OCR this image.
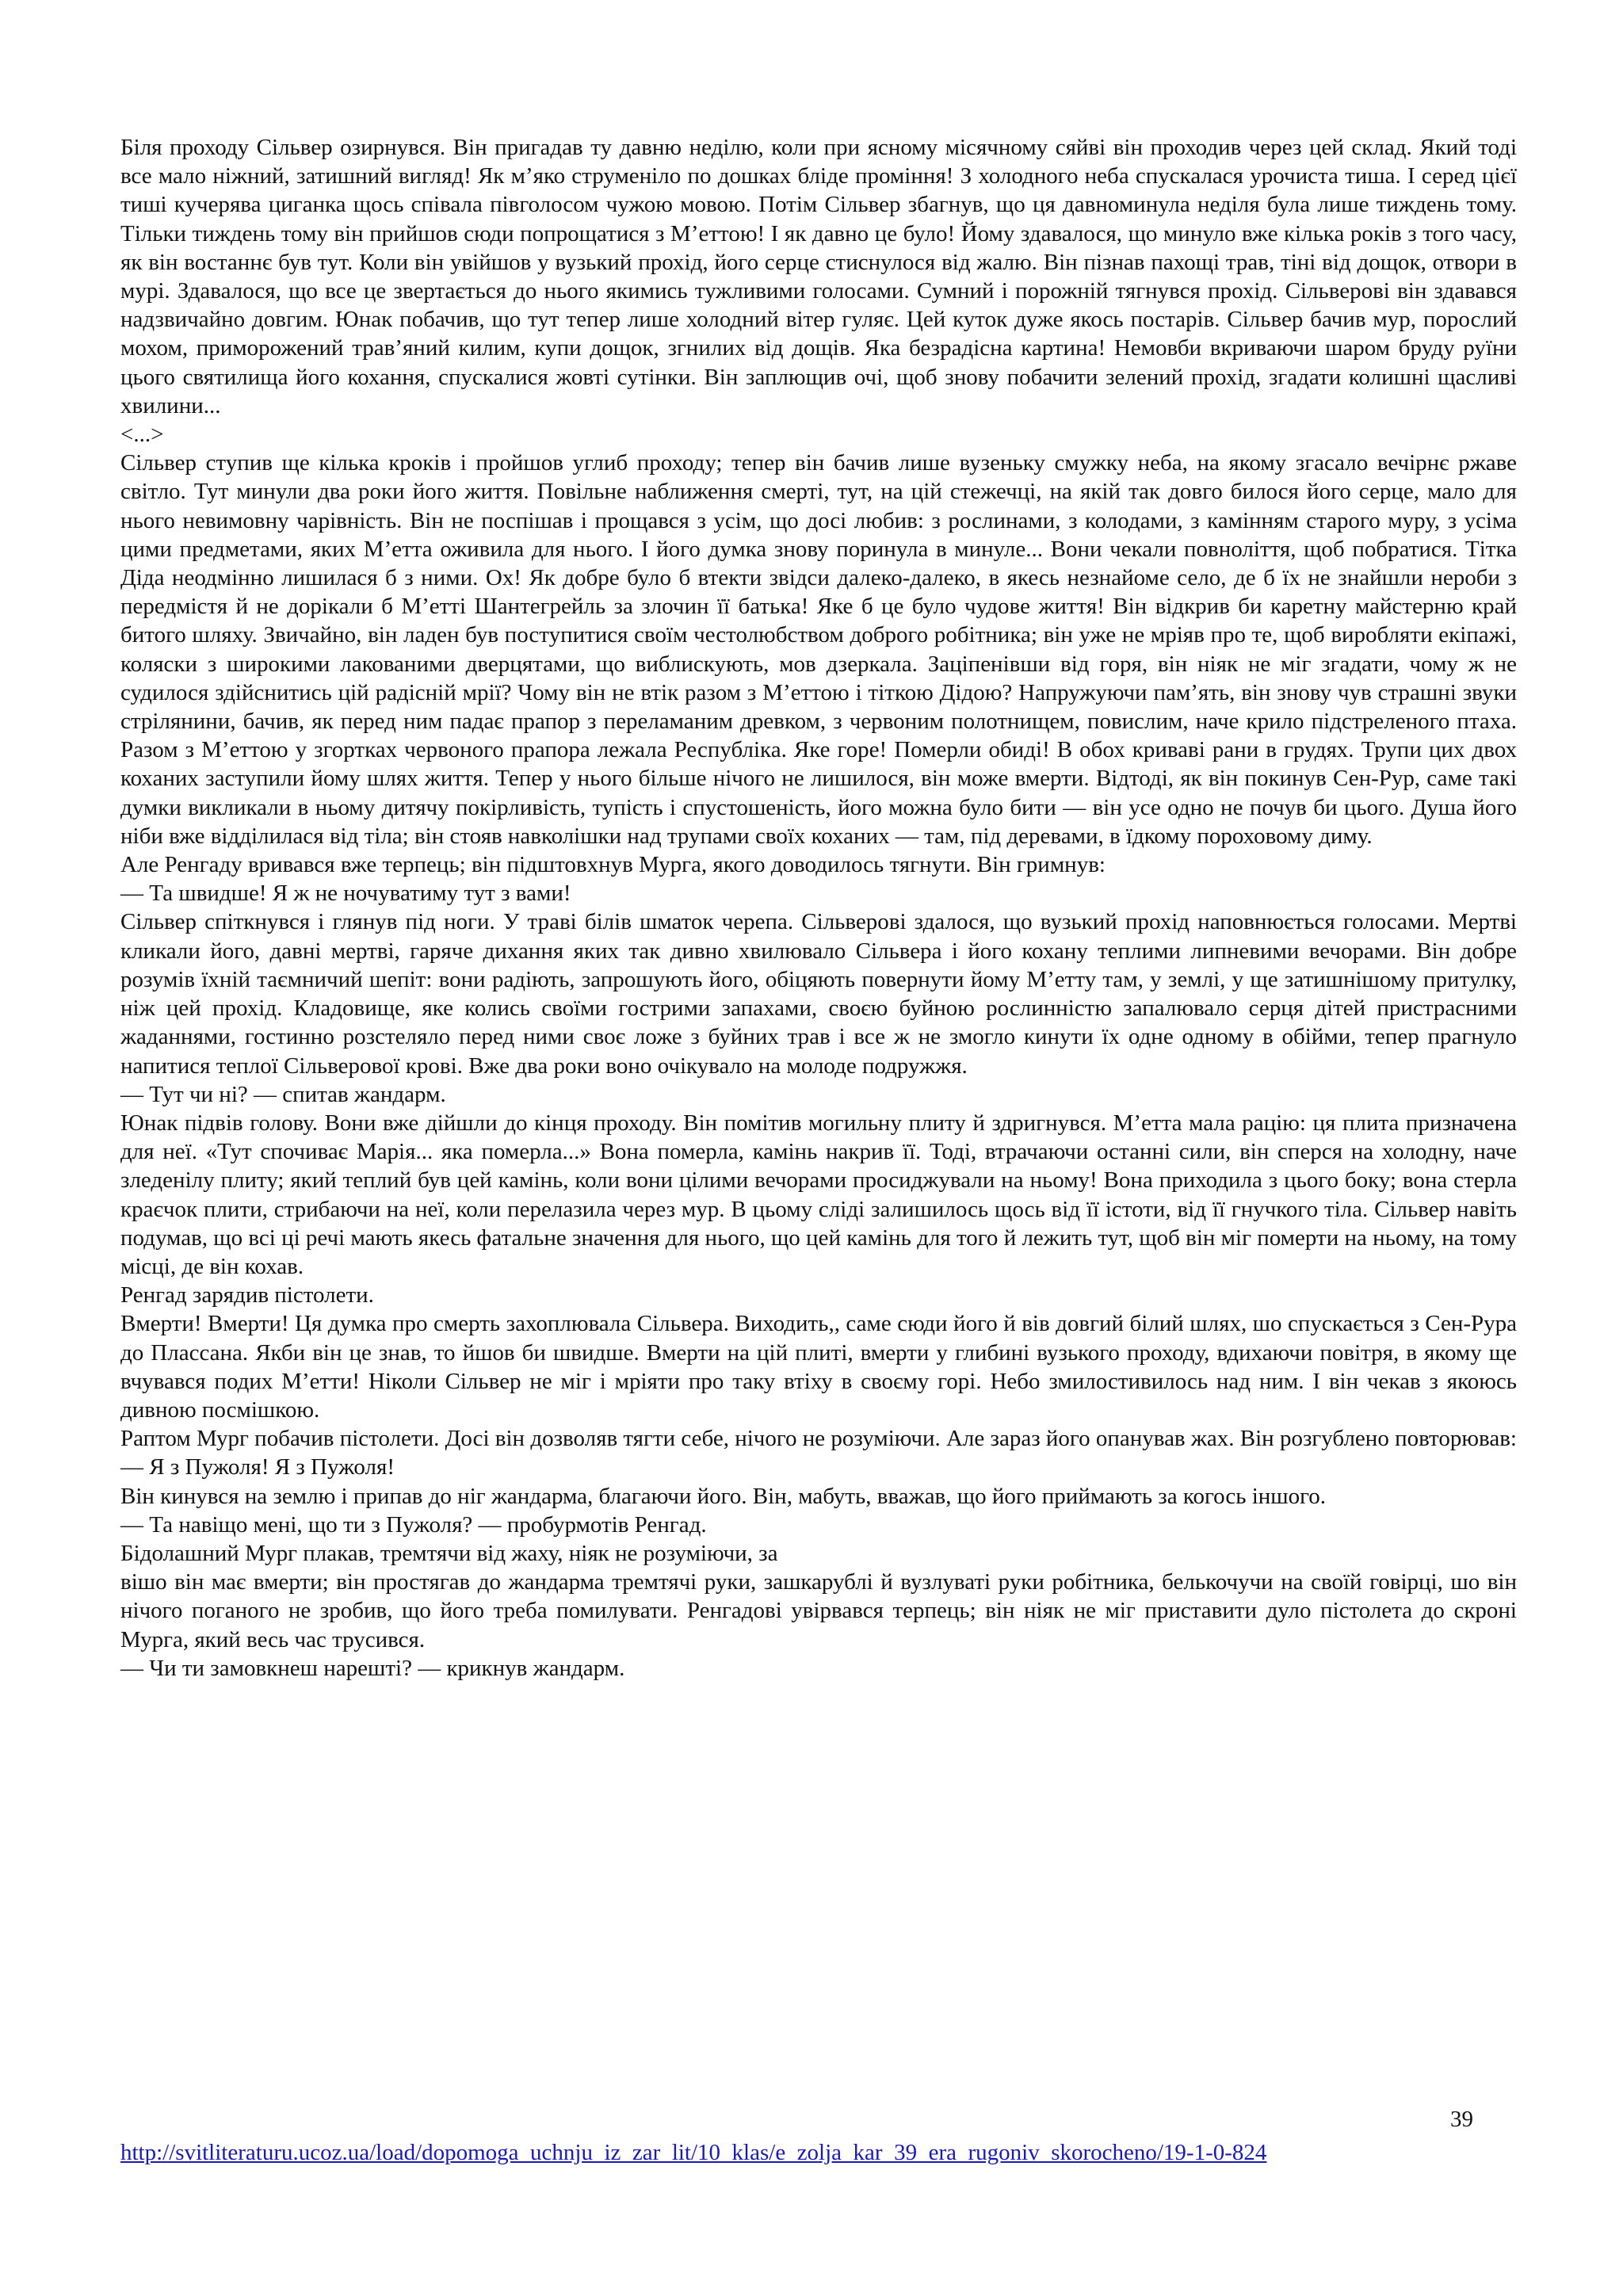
Біля проходу Сільвер озирнувся. Він пригадав ту давню неділю, коли при ясному місячному сяйві він проходив через цей склад. Який тоді все мало ніжний, затишний вигляд! Як м’яко струменіло по дошках бліде проміння! З холодного неба спускалася урочиста тиша. І серед цієї тиші кучерява циганка щось співала півголосом чужою мовою. Потім Сільвер збагнув, що ця давноминула неділя була лише тиждень тому. Тільки тиждень тому він прийшов сюди попрощатися з М’еттою! І як давно це було! Йому здавалося, що минуло вже кілька років з того часу, як він востаннє був тут. Коли він увійшов у вузький прохід, його серце стиснулося від жалю. Він пізнав пахощі трав, тіні від дощок, отвори в мурі. Здавалося, що все це звертається до нього якимись тужливими голосами. Сумний і порожній тягнувся прохід. Сільверові він здавався надзвичайно довгим. Юнак побачив, що тут тепер лише холодний вітер гуляє. Цей куток дуже якось постарів. Сільвер бачив мур, порослий мохом, приморожений трав’яний килим, купи дощок, згнилих від дощів. Яка безрадісна картина! Немовби вкриваючи шаром бруду руїни цього святилища його кохання, спускалися жовті сутінки. Він заплющив очі, щоб знову побачити зелений прохід, згадати колишні щасливі хвилини...

<...>

Сільвер ступив ще кілька кроків і пройшов углиб проходу; тепер він бачив лише вузеньку смужку неба, на якому згасало вечірнє ржаве світло. Тут минули два роки його життя. Повільне наближення смерті, тут, на цій стежечці, на якій так довго билося його серце, мало для нього невимовну чарівність. Він не поспішав і прощався з усім, що досі любив: з рослинами, з колодами, з камінням старого муру, з усіма цими предметами, яких М’етта оживила для нього. І його думка знову поринула в минуле... Вони чекали повноліття, щоб побратися. Тітка Діда неодмінно лишилася б з ними. Ох! Як добре було б втекти звідси далеко-далеко, в якесь незнайоме село, де б їх не знайшли нероби з передмістя й не дорікали б М’етті Шантегрейль за злочин її батька! Яке б це було чудове життя! Він відкрив би каретну майстерню край битого шляху. Звичайно, він ладен був поступитися своїм честолюбством доброго робітника; він уже не мріяв про те, щоб виробляти екіпажі, коляски з широкими лакованими дверцятами, що виблискують, мов дзеркала. Заціпенівши від горя, він ніяк не міг згадати, чому ж не судилося здійснитись цій радісній мрії? Чому він не втік разом з М’еттою і тіткою Дідою? Напружуючи пам’ять, він знову чув страшні звуки стрілянини, бачив, як перед ним падає прапор з переламаним древком, з червоним полотнищем, повислим, наче крило підстреленого птаха. Разом з М’еттою у згортках червоного прапора лежала Республіка. Яке горе! Померли обиді! В обох криваві рани в грудях. Трупи цих двох коханих заступили йому шлях життя. Тепер у нього більше нічого не лишилося, він може вмерти. Відтоді, як він покинув Сен-Рур, саме такі думки викликали в ньому дитячу покірливість, тупість і спустошеність, його можна було бити — він усе одно не почув би цього. Душа його ніби вже відділилася від тіла; він стояв навколішки над трупами своїх коханих — там, під деревами, в їдкому пороховому диму.

Але Ренгаду вривався вже терпець; він підштовхнув Мурга, якого доводилось тягнути. Він гримнув:

— Та швидше! Я ж не ночуватиму тут з вами!

Сільвер спіткнувся і глянув під ноги. У траві білів шматок черепа. Сільверові здалося, що вузький прохід наповнюється голосами. Мертві кликали його, давні мертві, гаряче дихання яких так дивно хвилювало Сільвера і його кохану теплими липневими вечорами. Він добре розумів їхній таємничий шепіт: вони радіють, запрошують його, обіцяють повернути йому М’етту там, у землі, у ще затишнішому притулку, ніж цей прохід. Кладовище, яке колись своїми гострими запахами, своєю буйною рослинністю запалювало серця дітей пристрасними жаданнями, гостинно розстеляло перед ними своє ложе з буйних трав і все ж не змогло кинути їх одне одному в обійми, тепер прагнуло напитися теплої Сільверової крові. Вже два роки воно очікувало на молоде подружжя.

— Тут чи ні? — спитав жандарм.

Юнак підвів голову. Вони вже дійшли до кінця проходу. Він помітив могильну плиту й здригнувся. М’етта мала рацію: ця плита призначена для неї. «Тут спочиває Марія... яка померла...» Вона померла, камінь накрив її. Тоді, втрачаючи останні сили, він сперся на холодну, наче зледенілу плиту; який теплий був цей камінь, коли вони цілими вечорами просиджували на ньому! Вона приходила з цього боку; вона стерла краєчок плити, стрибаючи на неї, коли перелазила через мур. В цьому сліді залишилось щось від її істоти, від її гнучкого тіла. Сільвер навіть подумав, що всі ці речі мають якесь фатальне значення для нього, що цей камінь для того й лежить тут, щоб він міг померти на ньому, на тому місці, де він кохав.

Ренгад зарядив пістолети.

Вмерти! Вмерти! Ця думка про смерть захоплювала Сільвера. Виходить,, саме сюди його й вів довгий білий шлях, шо спускається з Сен-Рура до Плассана. Якби він це знав, то йшов би швидше. Вмерти на цій плиті, вмерти у глибині вузького проходу, вдихаючи повітря, в якому ще вчувався подих М’етти! Ніколи Сільвер не міг і мріяти про таку втіху в своєму горі. Небо змилостивилось над ним. І він чекав з якоюсь дивною посмішкою.

Раптом Мург побачив пістолети. Досі він дозволяв тягти себе, нічого не розуміючи. Але зараз його опанував жах. Він розгублено повторював:

— Я з Пужоля! Я з Пужоля!

Він кинувся на землю і припав до ніг жандарма, благаючи його. Він, мабуть, вважав, що його приймають за когось іншого.

— Та навіщо мені, що ти з Пужоля? — пробурмотів Ренгад.

Бідолашний Мург плакав, тремтячи від жаху, ніяк не розуміючи, за

вішо він має вмерти; він простягав до жандарма тремтячі руки, зашкарублі й вузлуваті руки робітника, белькочучи на своїй говірці, шо він нічого поганого не зробив, що його треба помилувати. Ренгадові увірвався терпець; він ніяк не міг приставити дуло пістолета до скроні Мурга, який весь час трусився.

— Чи ти замовкнеш нарешті? — крикнув жандарм.

39
http://svitliteraturu.ucoz.ua/load/dopomoga_uchnju_iz_zar_lit/10_klas/e_zolja_kar_39_era_rugoniv_skorocheno/19-1-0-824
